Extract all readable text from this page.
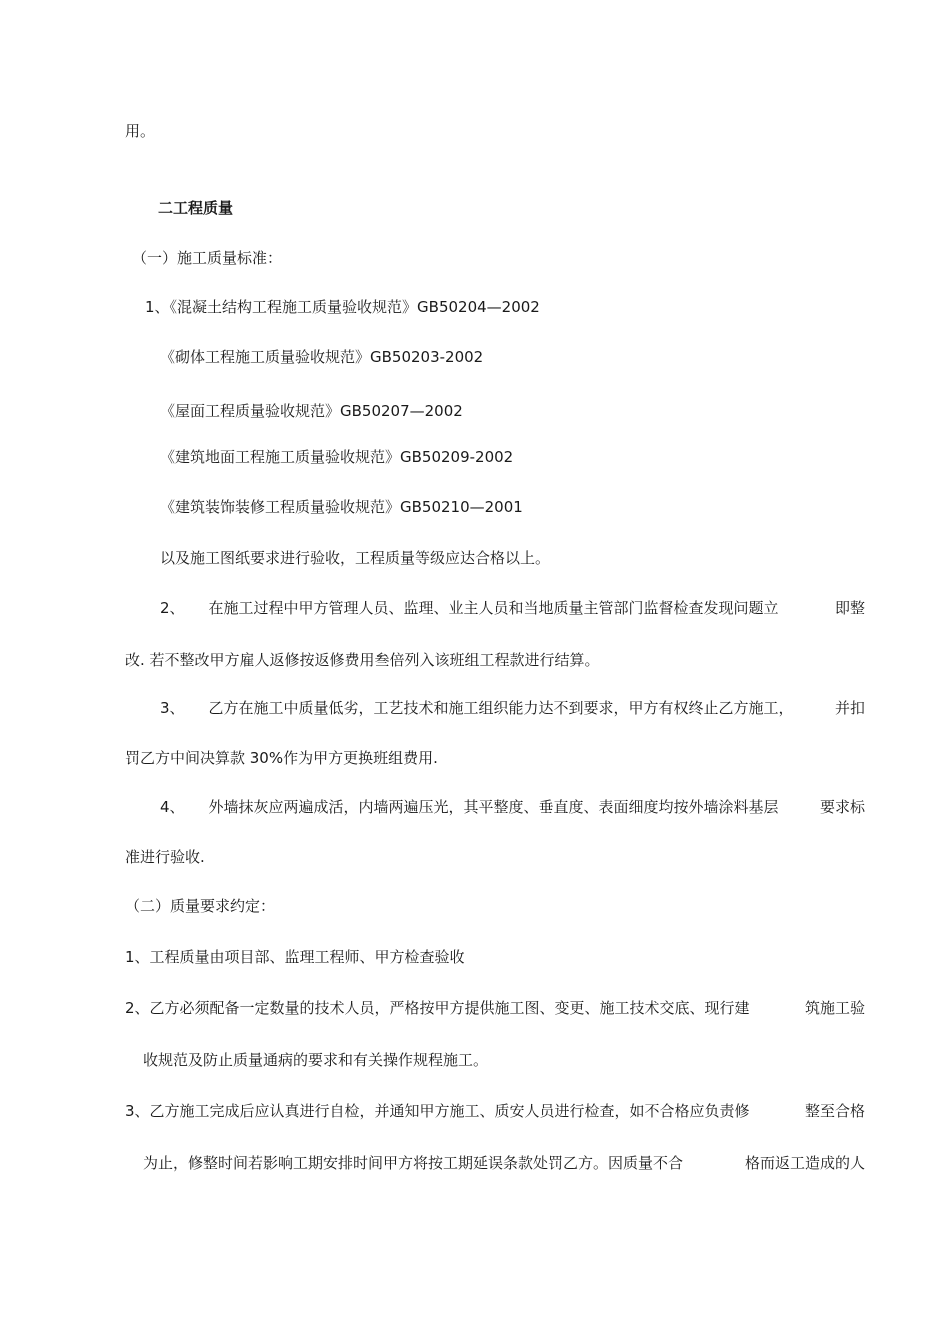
用。
二工程质量
（一）施工质量标准：
1、《混凝土结构工程施工质量验收规范》GB50204—2002
《砌体工程施工质量验收规范》GB50203-2002
《屋面工程质量验收规范》GB50207—2002
《建筑地面工程施工质量验收规范》GB50209-2002
《建筑装饰装修工程质量验收规范》GB50210—2001
以及施工图纸要求进行验收，工程质量等级应达合格以上。
2、 在施工过程中甲方管理人员、监理、业主人员和当地质量主管部门监督检查发现问题立	即整
改. 若不整改甲方雇人返修按返修费用叁倍列入该班组工程款进行结算。
3、 乙方在施工中质量低劣，工艺技术和施工组织能力达不到要求，甲方有权终止乙方施工，	并扣
罚乙方中间决算款 30%作为甲方更换班组费用.
4、 外墙抹灰应两遍成活，内墙两遍压光，其平整度、垂直度、表面细度均按外墙涂料基层	要求标
准进行验收.
（二）质量要求约定：
1、工程质量由项目部、监理工程师、甲方检查验收
2、乙方必须配备一定数量的技术人员，严格按甲方提供施工图、变更、施工技术交底、现行建	筑施工验
收规范及防止质量通病的要求和有关操作规程施工。
3、乙方施工完成后应认真进行自检，并通知甲方施工、质安人员进行检查，如不合格应负责修	整至合格
为止，修整时间若影响工期安排时间甲方将按工期延误条款处罚乙方。因质量不合	格而返工造成的人
